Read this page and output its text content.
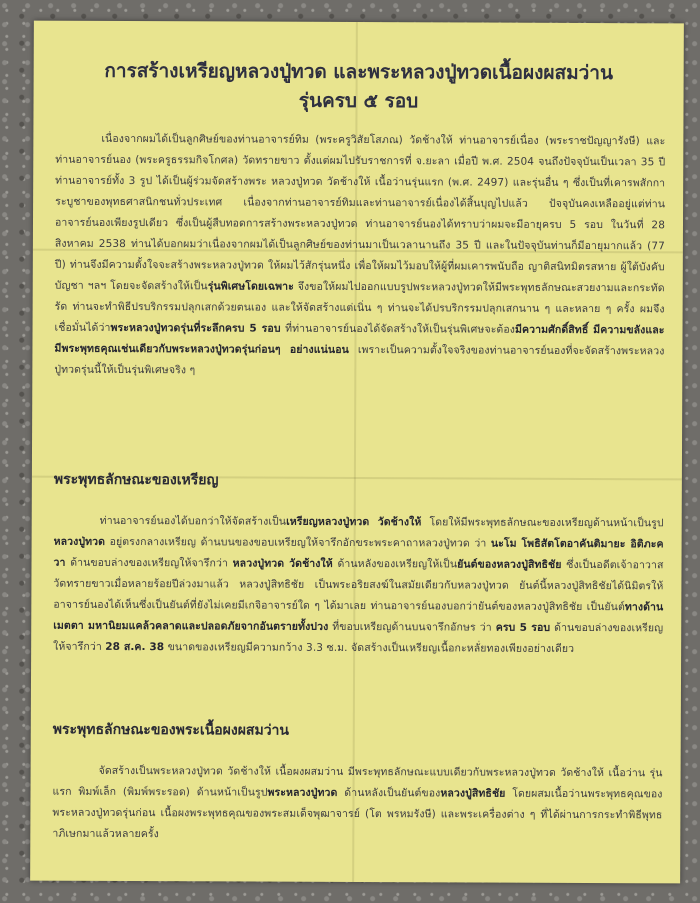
การสร้างเหรียญหลวงปู่ทวด และพระหลวงปู่ทวดเนื้อผงผสมว่าน
รุ่นครบ ๕ รอบ
เนื่องจากผมได้เป็นลูกศิษย์ของท่านอาจารย์ทิม (พระครูวิสัยโสภณ) วัดช้างให้ ท่านอาจารย์เนื่อง (พระราชปัญญารังษี) และท่านอาจารย์นอง (พระครูธรรมกิจโกศล) วัดทรายขาว ตั้งแต่ผมไปรับราชการที่ จ.ยะลา เมื่อปี พ.ศ. 2504 จนถึงปัจจุบันเป็นเวลา 35 ปี ท่านอาจารย์ทั้ง 3 รูป ได้เป็นผู้ร่วมจัดสร้างพระ หลวงปู่ทวด วัดช้างให้ เนื้อว่านรุ่นแรก (พ.ศ. 2497) และรุ่นอื่น ๆ ซึ่งเป็นที่เคารพสักการะบูชาของพุทธศาสนิกชนทั่วประเทศ เนื่องจากท่านอาจารย์ทิมและท่านอาจารย์เนื่องได้สิ้นบุญไปแล้ว ปัจจุบันคงเหลืออยู่แต่ท่านอาจารย์นองเพียงรูปเดียว ซึ่งเป็นผู้สืบทอดการสร้างพระหลวงปู่ทวด ท่านอาจารย์นองได้ทราบว่าผมจะมีอายุครบ 5 รอบ ในวันที่ 28 สิงหาคม 2538 ท่านได้บอกผมว่าเนื่องจากผมได้เป็นลูกศิษย์ของท่านมาเป็นเวลานานถึง 35 ปี และในปัจจุบันท่านก็มีอายุมากแล้ว (77 ปี) ท่านจึงมีความตั้งใจจะสร้างพระหลวงปู่ทวด ให้ผมไว้สักรุ่นหนึ่ง เพื่อให้ผมไว้มอบให้ผู้ที่ผมเคารพนับถือ ญาติสนิทมิตรสหาย ผู้ใต้บังคับบัญชา ฯลฯ โดยจะจัดสร้างให้เป็นรุ่นพิเศษโดยเฉพาะ จึงขอให้ผมไปออกแบบรูปพระหลวงปู่ทวดให้มีพระพุทธลักษณะสวยงามและกระทัดรัด ท่านจะทำพิธีปรบริกรรมปลุกเสกด้วยตนเอง และให้จัดสร้างแต่เนิ่น ๆ ท่านจะได้ปรบริกรรมปลุกเสกนาน ๆ และหลาย ๆ ครั้ง ผมจึงเชื่อมั่นได้ว่าพระหลวงปู่ทวดรุ่นที่ระลึกครบ 5 รอบ ที่ท่านอาจารย์นองได้จัดสร้างให้เป็นรุ่นพิเศษจะต้องมีความศักดิ์สิทธิ์ มีความขลังและมีพระพุทธคุณเช่นเดียวกับพระหลวงปู่ทวดรุ่นก่อนๆ อย่างแน่นอน เพราะเป็นความตั้งใจจริงของท่านอาจารย์นองที่จะจัดสร้างพระหลวงปู่ทวดรุ่นนี้ให้เป็นรุ่นพิเศษจริง ๆ
พระพุทธลักษณะของเหรียญ
ท่านอาจารย์นองได้บอกว่าให้จัดสร้างเป็นเหรียญหลวงปู่ทวด วัดช้างให้ โดยให้มีพระพุทธลักษณะของเหรียญด้านหน้าเป็นรูปหลวงปู่ทวด อยู่ตรงกลางเหรียญ ด้านบนของขอบเหรียญให้จารึกอักขระพระคาถาหลวงปู่ทวด ว่า นะโม โพธิสัตโตอาคันติมายะ อิติภะควา ด้านขอบล่างของเหรียญให้จารึกว่า หลวงปู่ทวด วัดช้างให้ ด้านหลังของเหรียญให้เป็นยันต์ของหลวงปู่สิทธิชัย ซึ่งเป็นอดีตเจ้าอาวาสวัดทรายขาวเมื่อหลายร้อยปีล่วงมาแล้ว หลวงปู่สิทธิชัย เป็นพระอริยสงฆ์ในสมัยเดียวกับหลวงปู่ทวด ยันต์นี้หลวงปู่สิทธิชัยได้นิมิตรให้อาจารย์นองได้เห็นซึ่งเป็นยันต์ที่ยังไม่เคยมีเกจิอาจารย์ใด ๆ ได้มาเลย ท่านอาจารย์นองบอกว่ายันต์ของหลวงปู่สิทธิชัย เป็นยันต์ทางด้านเมตตา มหานิยมแคล้วคลาดและปลอดภัยจากอันตรายทั้งปวง ที่ขอบเหรียญด้านบนจารึกอักษร ว่า ครบ 5 รอบ ด้านขอบล่างของเหรียญให้จารึกว่า 28 ส.ค. 38 ขนาดของเหรียญมีความกว้าง 3.3 ซ.ม. จัดสร้างเป็นเหรียญเนื้อกะหลั่ยทองเพียงอย่างเดียว
พระพุทธลักษณะของพระเนื้อผงผสมว่าน
จัดสร้างเป็นพระหลวงปู่ทวด วัดช้างให้ เนื้อผงผสมว่าน มีพระพุทธลักษณะแบบเดียวกับพระหลวงปู่ทวด วัดช้างให้ เนื้อว่าน รุ่นแรก พิมพ์เล็ก (พิมพ์พระรอด) ด้านหน้าเป็นรูปพระหลวงปู่ทวด ด้านหลังเป็นยันต์ของหลวงปู่สิทธิชัย โดยผสมเนื้อว่านพระพุทธคุณของพระหลวงปู่ทวดรุ่นก่อน เนื้อผงพระพุทธคุณของพระสมเด็จพุฒาจารย์ (โต พรหมรังษี) และพระเครื่องต่าง ๆ ที่ได้ผ่านการกระทำพิธีพุทธาภิเษกมาแล้วหลายครั้ง
